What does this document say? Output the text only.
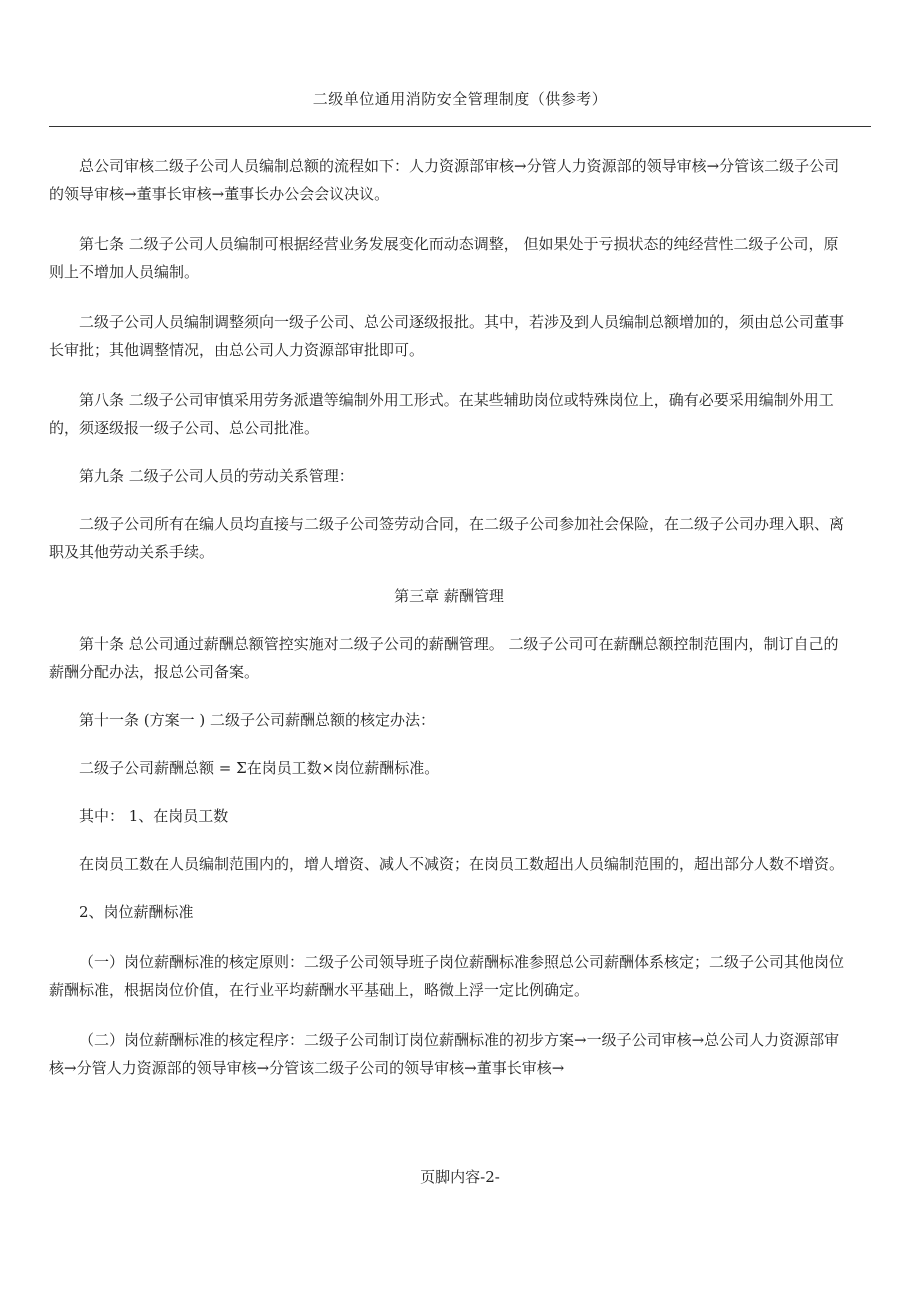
二级单位通用消防安全管理制度（供参考）

总公司审核二级子公司人员编制总额的流程如下：人力资源部审核→分管人力资源部的领导审核→分管该二级子公司的领导审核→董事长审核→董事长办公会会议决议。

第七条 二级子公司人员编制可根据经营业务发展变化而动态调整， 但如果处于亏损状态的纯经营性二级子公司，原则上不增加人员编制。

二级子公司人员编制调整须向一级子公司、总公司逐级报批。其中，若涉及到人员编制总额增加的，须由总公司董事长审批；其他调整情况，由总公司人力资源部审批即可。

第八条 二级子公司审慎采用劳务派遣等编制外用工形式。在某些辅助岗位或特殊岗位上，确有必要采用编制外用工的，须逐级报一级子公司、总公司批准。

第九条 二级子公司人员的劳动关系管理：

二级子公司所有在编人员均直接与二级子公司签劳动合同，在二级子公司参加社会保险，在二级子公司办理入职、离职及其他劳动关系手续。

第三章 薪酬管理

第十条 总公司通过薪酬总额管控实施对二级子公司的薪酬管理。 二级子公司可在薪酬总额控制范围内，制订自己的薪酬分配办法，报总公司备案。

第十一条 (方案一 ) 二级子公司薪酬总额的核定办法：

二级子公司薪酬总额 = Σ在岗员工数×岗位薪酬标准。

其中： 1、在岗员工数

在岗员工数在人员编制范围内的，增人增资、减人不减资；在岗员工数超出人员编制范围的，超出部分人数不增资。

2、岗位薪酬标准

（一）岗位薪酬标准的核定原则：二级子公司领导班子岗位薪酬标准参照总公司薪酬体系核定；二级子公司其他岗位薪酬标准，根据岗位价值，在行业平均薪酬水平基础上，略微上浮一定比例确定。

（二）岗位薪酬标准的核定程序：二级子公司制订岗位薪酬标准的初步方案→一级子公司审核→总公司人力资源部审核→分管人力资源部的领导审核→分管该二级子公司的领导审核→董事长审核→

页脚内容-2-
